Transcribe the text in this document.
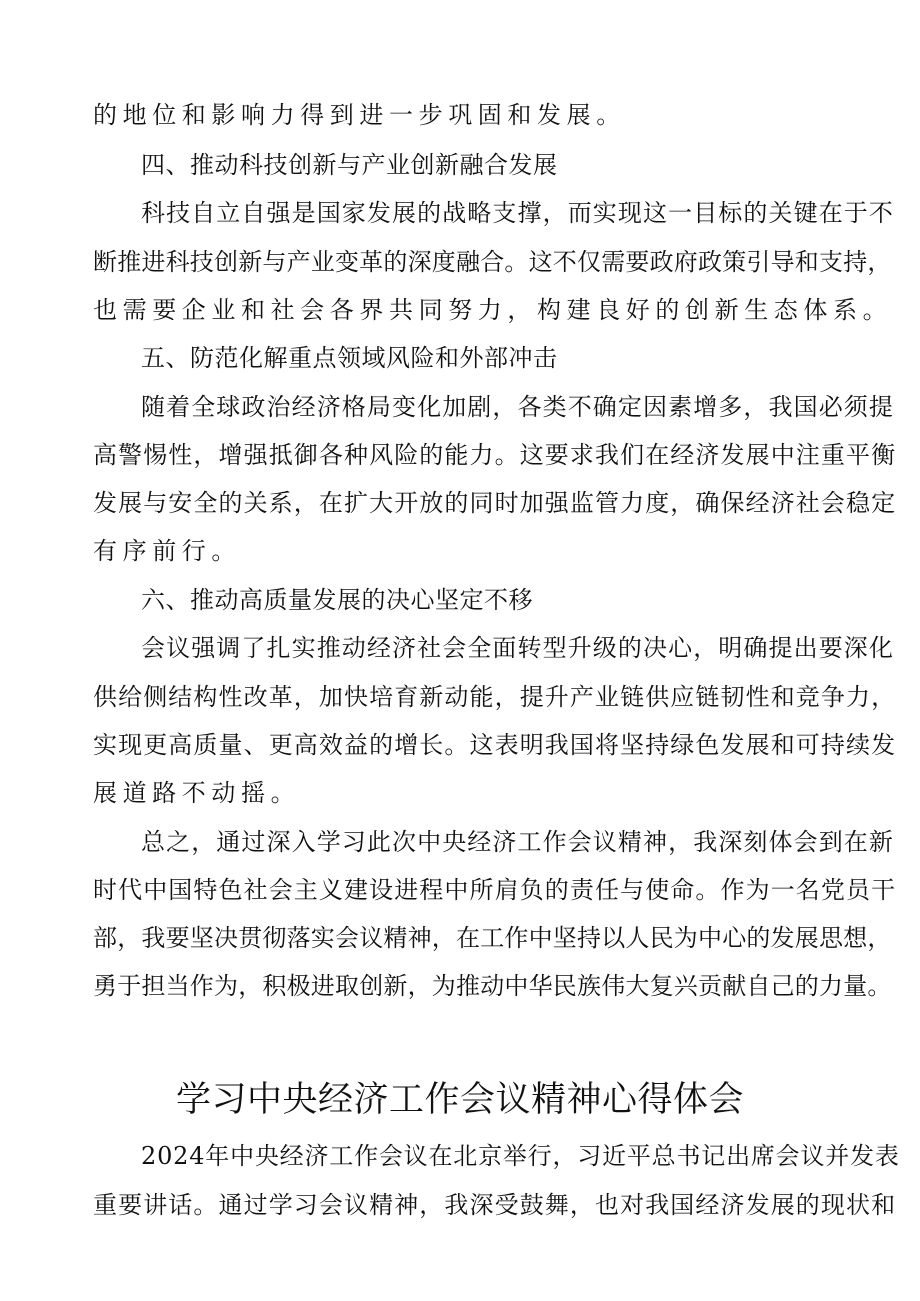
的地位和影响力得到进一步巩固和发展。
四、推动科技创新与产业创新融合发展
科技自立自强是国家发展的战略支撑，而实现这一目标的关键在于不
断推进科技创新与产业变革的深度融合。这不仅需要政府政策引导和支持，
也需要企业和社会各界共同努力，构建良好的创新生态体系。
五、防范化解重点领域风险和外部冲击
随着全球政治经济格局变化加剧，各类不确定因素增多，我国必须提
高警惕性，增强抵御各种风险的能力。这要求我们在经济发展中注重平衡
发展与安全的关系，在扩大开放的同时加强监管力度，确保经济社会稳定
有序前行。
六、推动高质量发展的决心坚定不移
会议强调了扎实推动经济社会全面转型升级的决心，明确提出要深化
供给侧结构性改革，加快培育新动能，提升产业链供应链韧性和竞争力，
实现更高质量、更高效益的增长。这表明我国将坚持绿色发展和可持续发
展道路不动摇。
总之，通过深入学习此次中央经济工作会议精神，我深刻体会到在新
时代中国特色社会主义建设进程中所肩负的责任与使命。作为一名党员干
部，我要坚决贯彻落实会议精神，在工作中坚持以人民为中心的发展思想，
勇于担当作为，积极进取创新，为推动中华民族伟大复兴贡献自己的力量。
学习中央经济工作会议精神心得体会
2024年中央经济工作会议在北京举行，习近平总书记出席会议并发表
重要讲话。通过学习会议精神，我深受鼓舞，也对我国经济发展的现状和
